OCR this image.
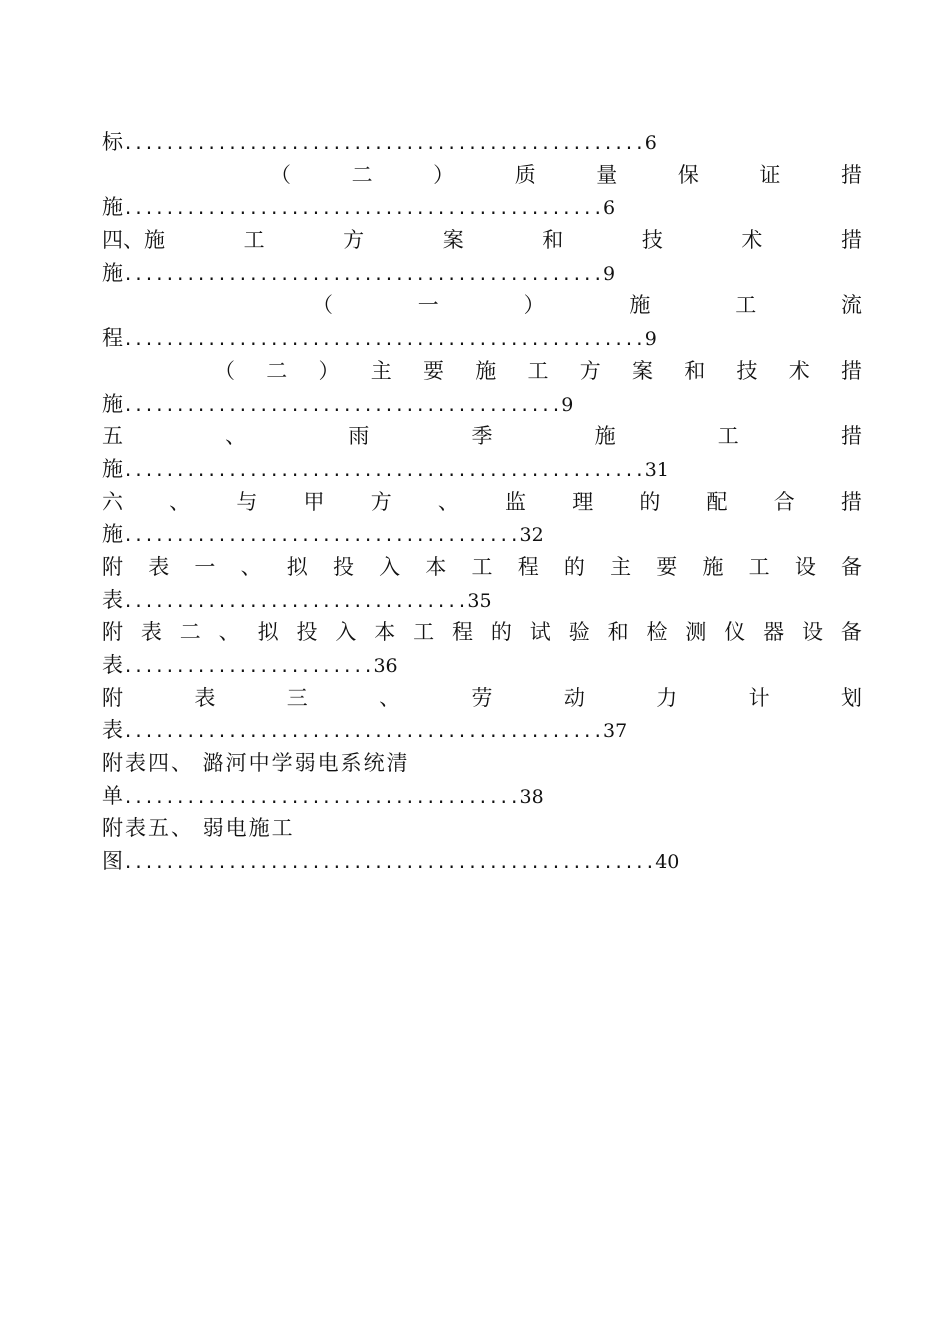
标..................................................6
（	二	）	质	量	保	证	措
施..............................................6
四、施	工	方	案	和	技	术	措
施..............................................9
（	一	）	施	工	流
程..................................................9
（ 二 ） 主 要 施 工 方 案 和 技 术 措
施..........................................9
五	、	雨	季	施	工	措
施..................................................31
六 、 与 甲 方 、 监 理 的 配 合 措
施......................................32
附 表 一 、 拟 投 入 本 工 程 的 主 要 施 工 设 备
表.................................35
附 表 二 、 拟 投 入 本 工 程 的 试 验 和 检 测 仪 器 设 备
表........................36
附	表	三	、	劳	动	力	计	划
表..............................................37
附表四、 潞河中学弱电系统清
单......................................38
附表五、 弱电施工
图...................................................40
